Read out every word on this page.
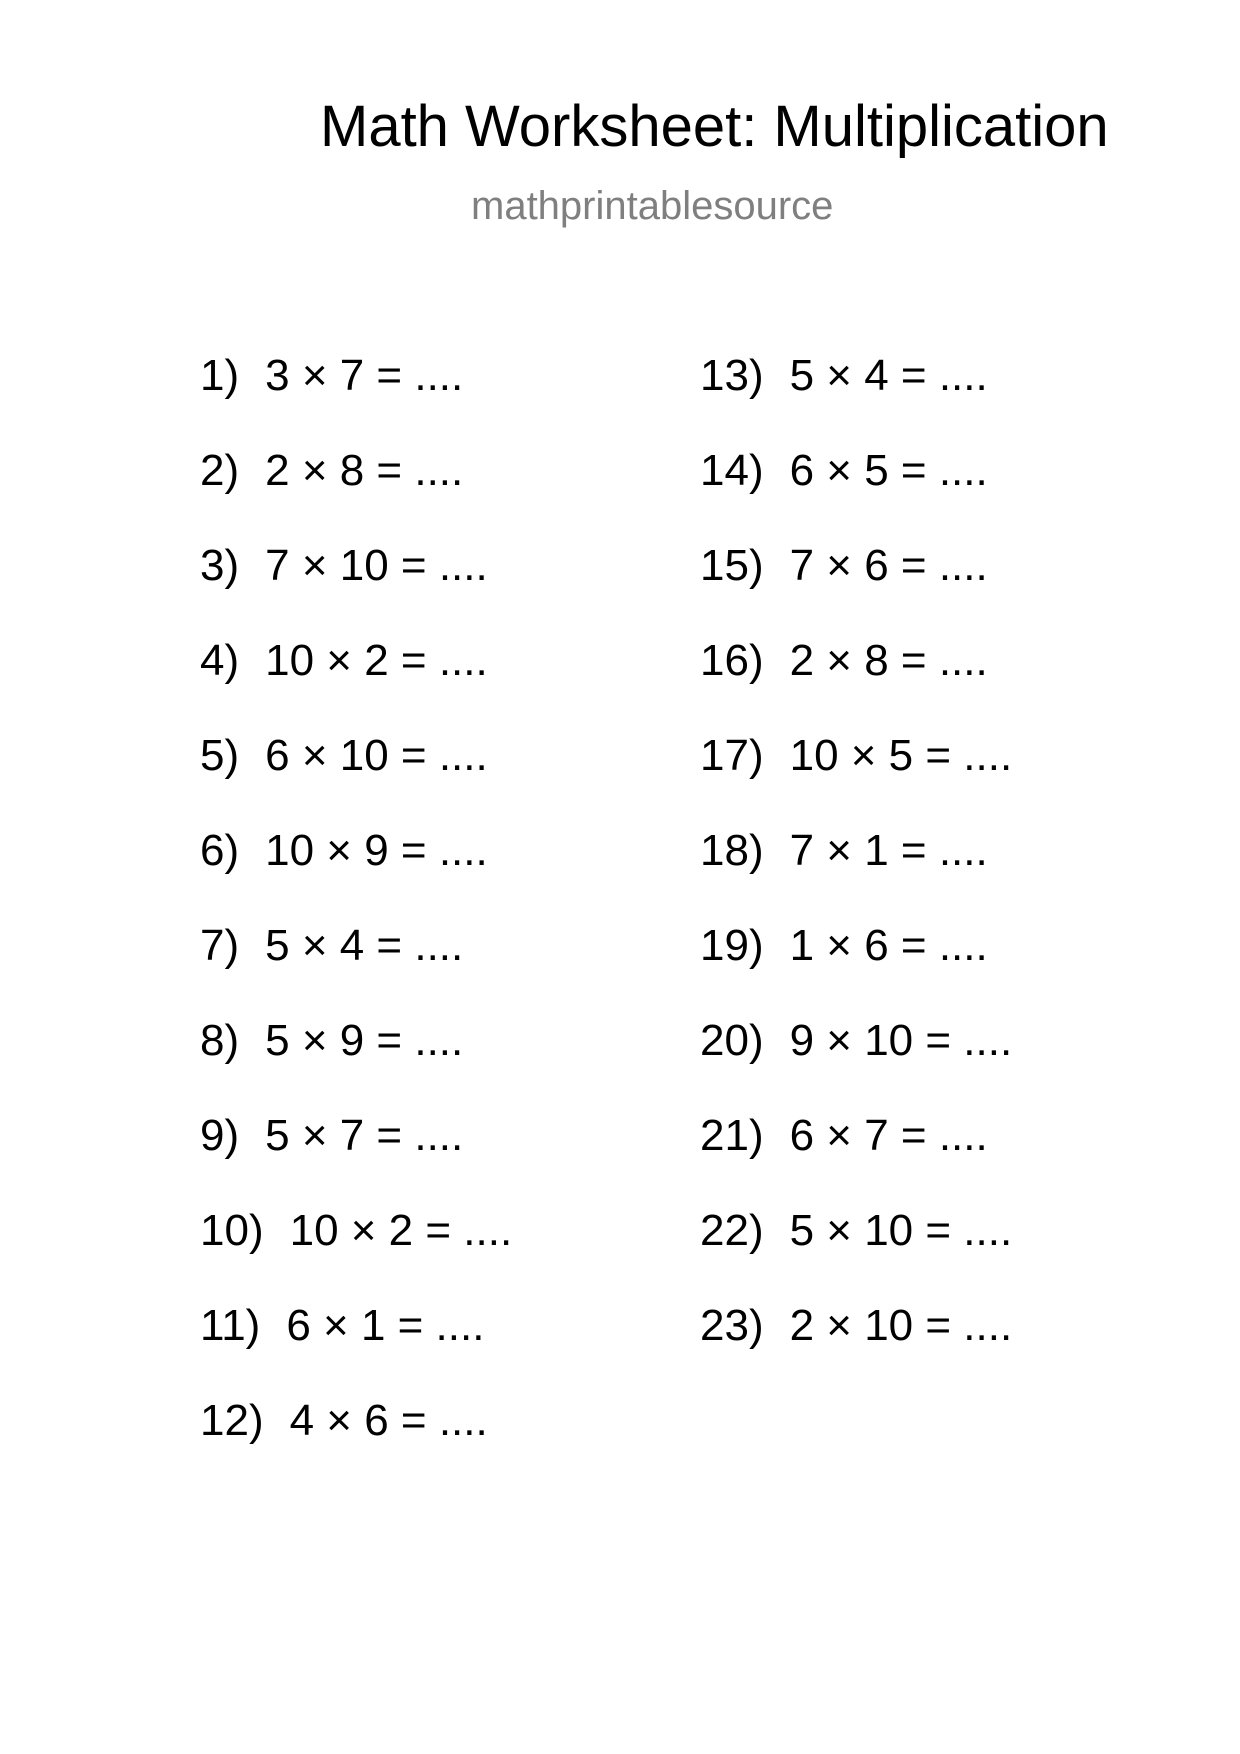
Math Worksheet: Multiplication
mathprintablesource
1) 3 × 7 = ....
2) 2 × 8 = ....
3) 7 × 10 = ....
4) 10 × 2 = ....
5) 6 × 10 = ....
6) 10 × 9 = ....
7) 5 × 4 = ....
8) 5 × 9 = ....
9) 5 × 7 = ....
10) 10 × 2 = ....
11) 6 × 1 = ....
12) 4 × 6 = ....
13) 5 × 4 = ....
14) 6 × 5 = ....
15) 7 × 6 = ....
16) 2 × 8 = ....
17) 10 × 5 = ....
18) 7 × 1 = ....
19) 1 × 6 = ....
20) 9 × 10 = ....
21) 6 × 7 = ....
22) 5 × 10 = ....
23) 2 × 10 = ....
